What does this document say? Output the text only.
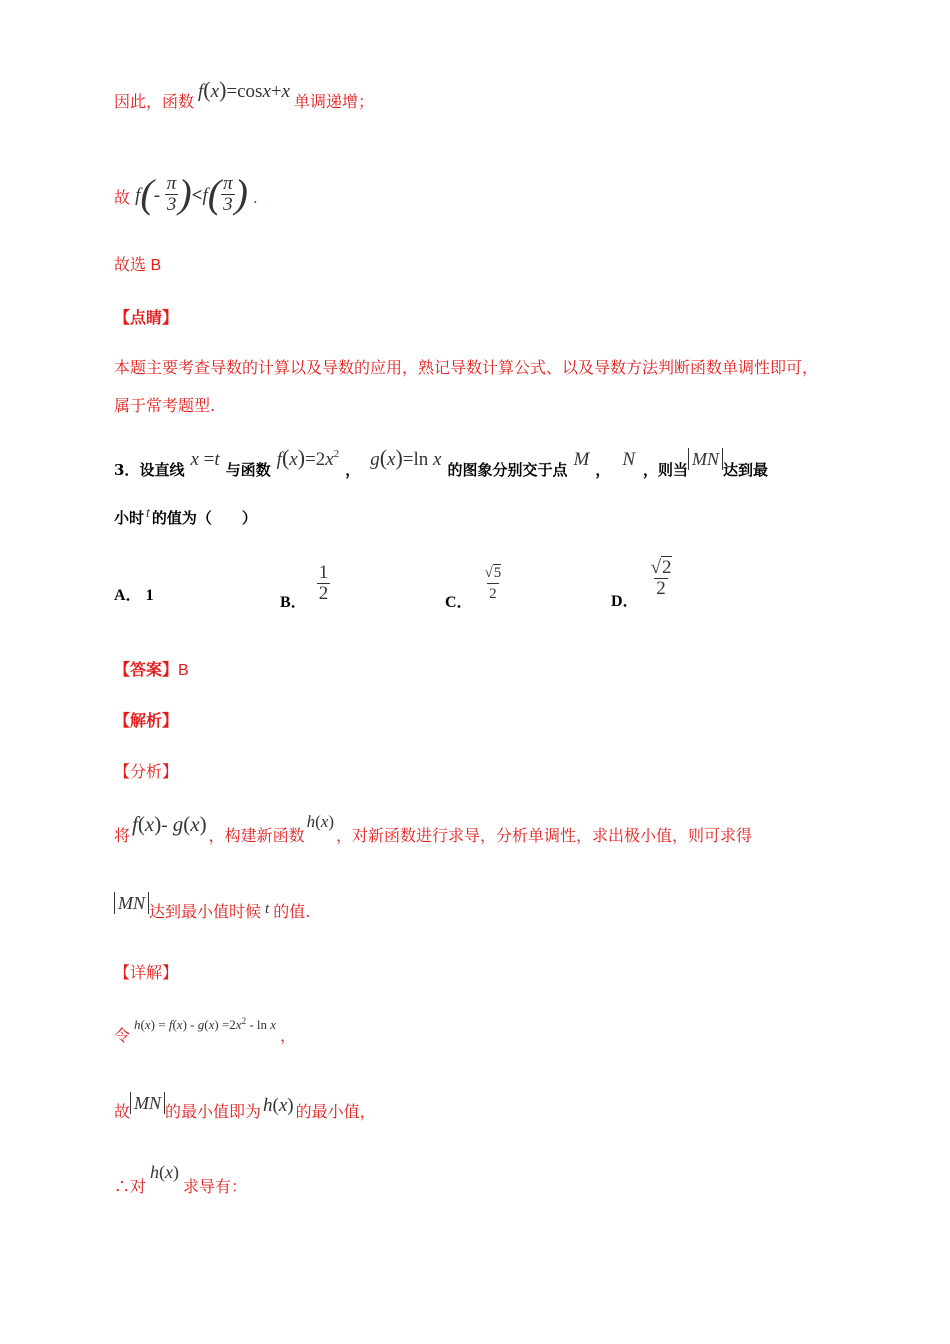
因此，函数 f(x)=cosx+x 单调递增；
故 $f(- \frac{\pi}{3} )<f( \frac{\pi}{3}$ ) .
故选 B
【点睛】
本题主要考查导数的计算以及导数的应用，熟记导数计算公式、以及导数方法判断函数单调性即可，
属于常考题型.
3．设直线 x =t 与函数 $f(x)=2x^2$， g(x)=ln x 的图象分别交于点 M ， N ，则当MN达到最
小时 t 的值为（　　）
A． 1	B． $\frac{1}{2}$	C． $\frac{√5}{2}$	D．
$\frac{√2}{2}$
【答案】B
【解析】
【分析】
将f(x)- g(x) ，构建新函数h(x)，对新函数进行求导，分析单调性，求出极小值，则可求得
MN 达到最小值时候 t 的值.
【详解】
令$^{h(x) = f(x) - g(x) =2x^2 - ln x}$，
故 MN 的最小值即为 h(x) 的最小值，
∴对h(x)求导有：
